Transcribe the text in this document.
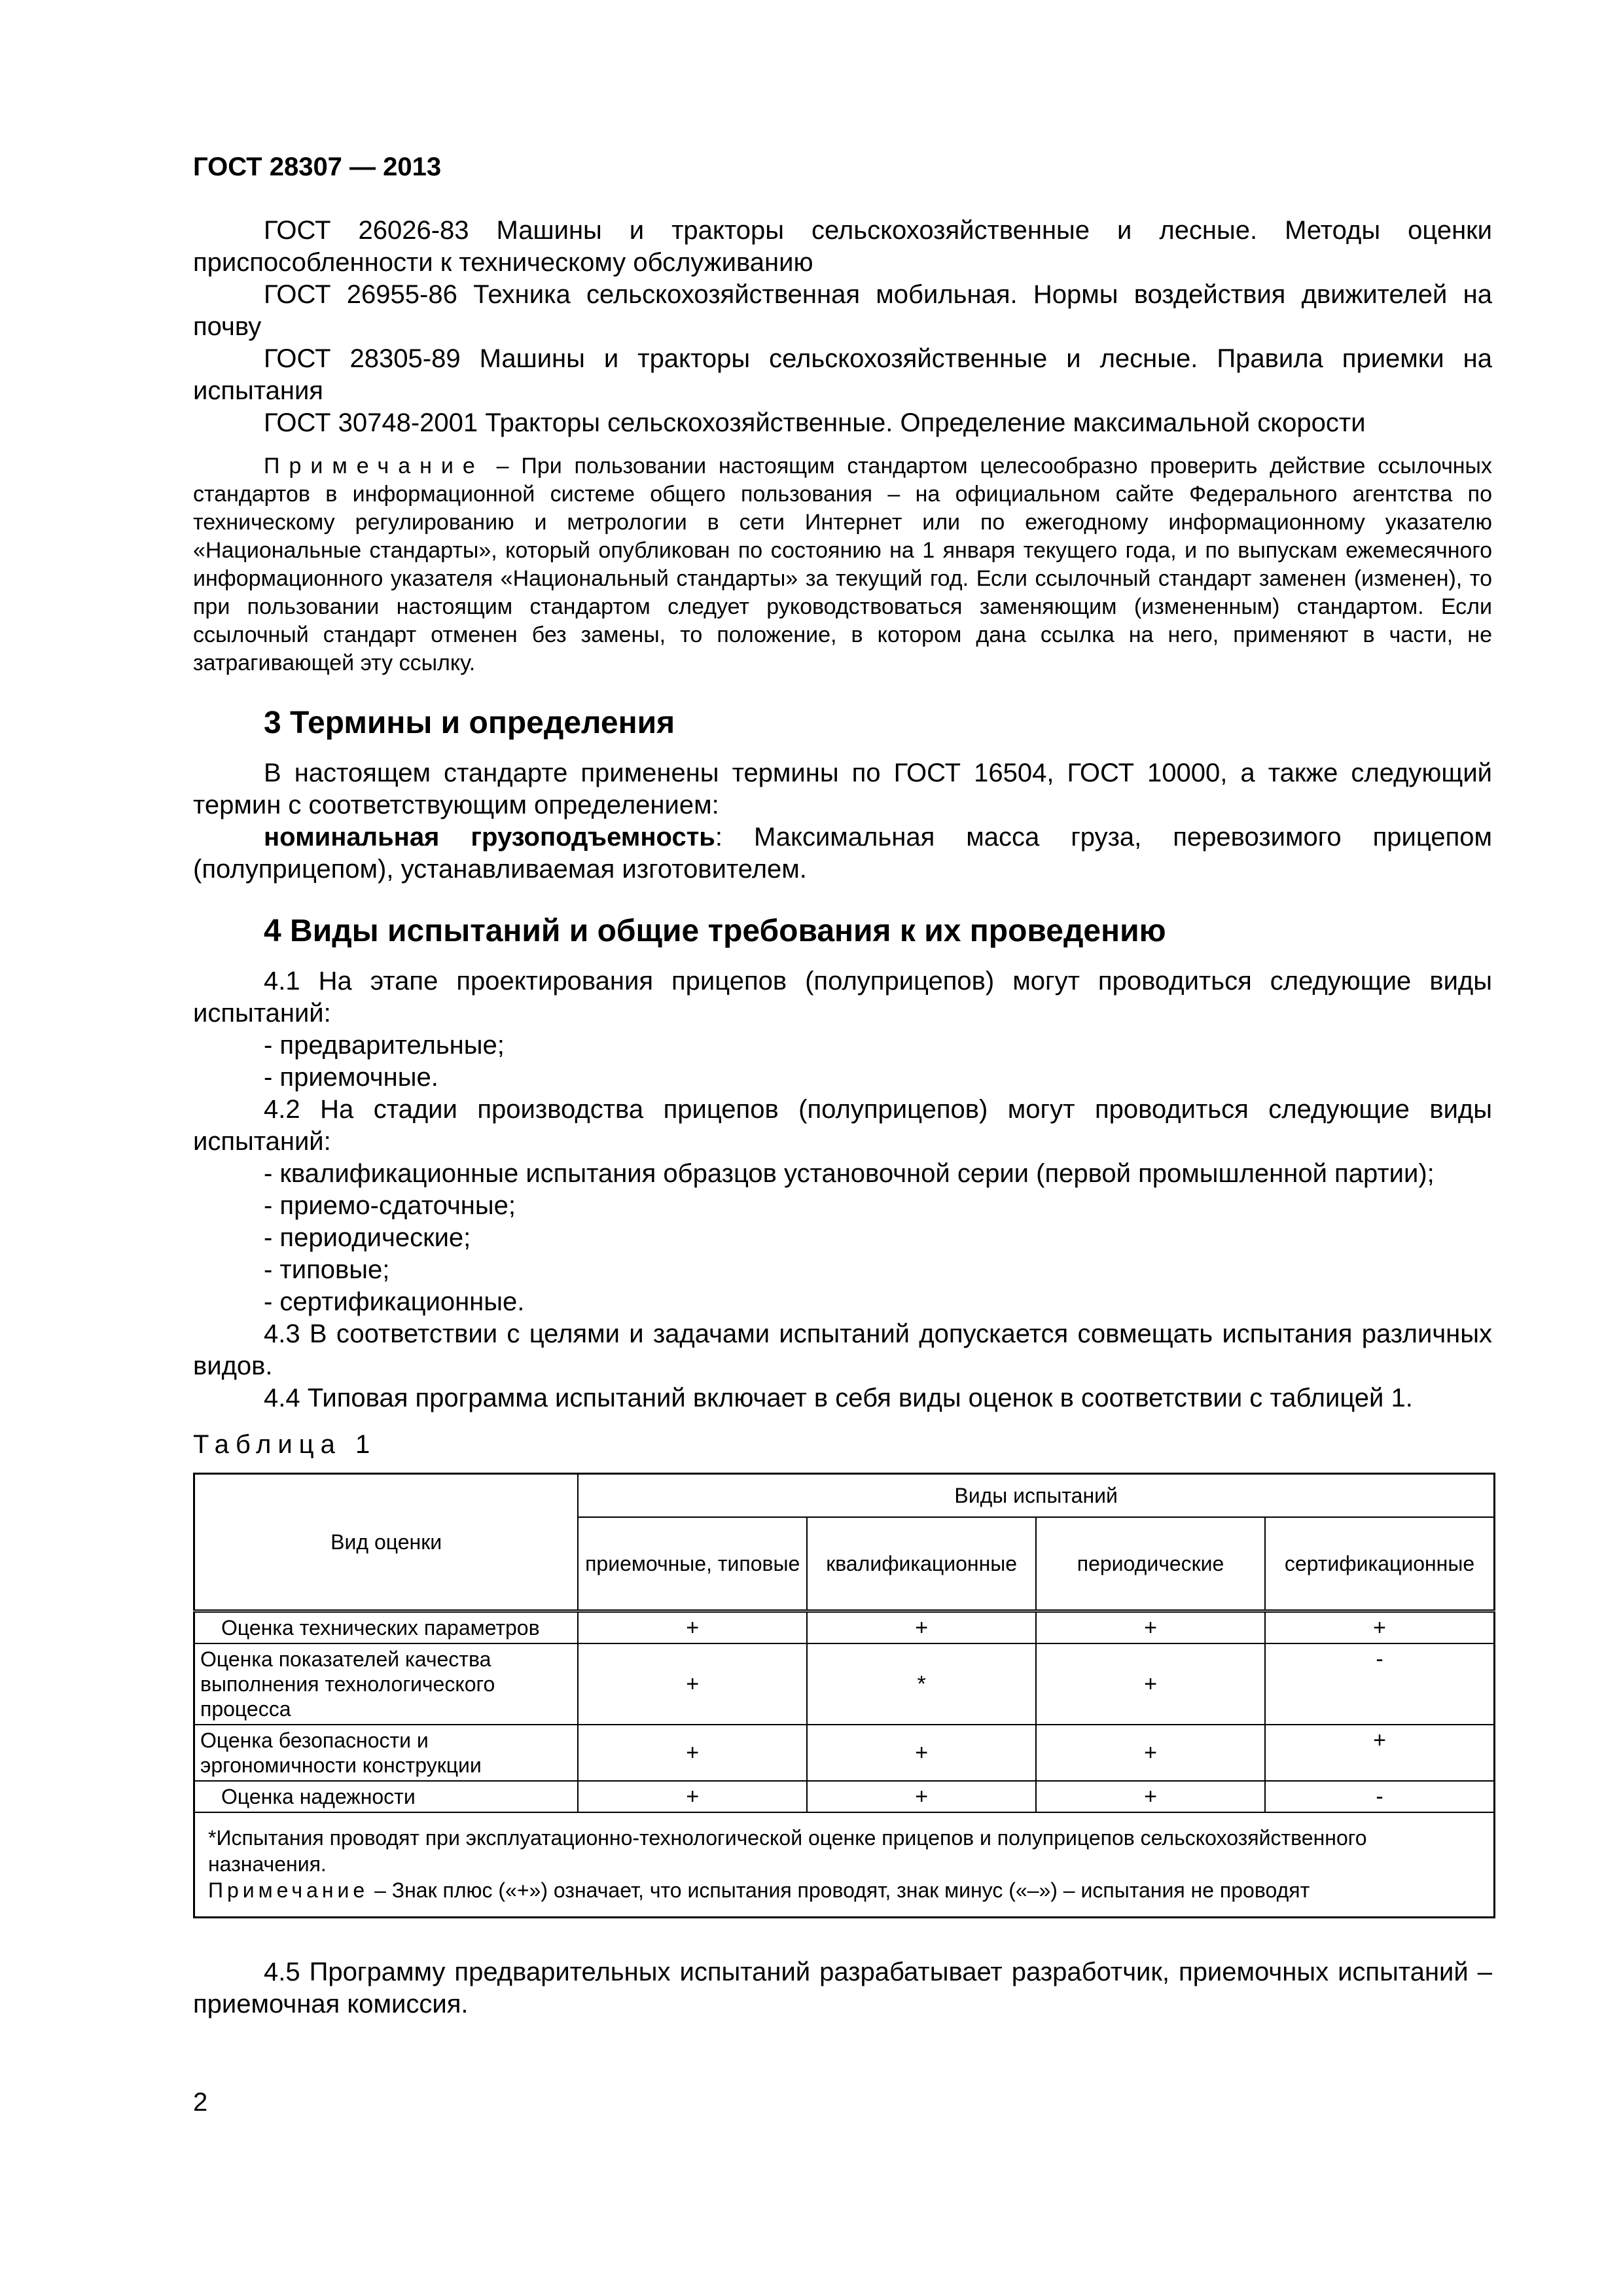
ГОСТ 28307 — 2013

ГОСТ 26026-83 Машины и тракторы сельскохозяйственные и лесные. Методы оценки приспособленности к техническому обслуживанию

ГОСТ 26955-86 Техника сельскохозяйственная мобильная. Нормы воздействия движителей на почву

ГОСТ 28305-89 Машины и тракторы сельскохозяйственные и лесные. Правила приемки на испытания

ГОСТ 30748-2001 Тракторы сельскохозяйственные. Определение максимальной скорости

Примечание – При пользовании настоящим стандартом целесообразно проверить действие ссылочных стандартов в информационной системе общего пользования – на официальном сайте Федерального агентства по техническому регулированию и метрологии в сети Интернет или по ежегодному информационному указателю «Национальные стандарты», который опубликован по состоянию на 1 января текущего года, и по выпускам ежемесячного информационного указателя «Национальный стандарты» за текущий год. Если ссылочный стандарт заменен (изменен), то при пользовании настоящим стандартом следует руководствоваться заменяющим (измененным) стандартом. Если ссылочный стандарт отменен без замены, то положение, в котором дана ссылка на него, применяют в части, не затрагивающей эту ссылку.

3 Термины и определения

В настоящем стандарте применены термины по ГОСТ 16504, ГОСТ 10000, а также следующий термин с соответствующим определением:

номинальная грузоподъемность: Максимальная масса груза, перевозимого прицепом (полуприцепом), устанавливаемая изготовителем.

4 Виды испытаний и общие требования к их проведению

4.1 На этапе проектирования прицепов (полуприцепов) могут проводиться следующие виды испытаний:

- предварительные;
- приемочные.

4.2 На стадии производства прицепов (полуприцепов) могут проводиться следующие виды испытаний:

- квалификационные испытания образцов установочной серии (первой промышленной партии);
- приемо-сдаточные;
- периодические;
- типовые;
- сертификационные.

4.3 В соответствии с целями и задачами испытаний допускается совмещать испытания различных видов.

4.4 Типовая программа испытаний включает в себя виды оценок в соответствии с таблицей 1.

Таблица 1
Вид оценки	Виды испытаний			
	приемочные, типовые	квалификационные	периодические	сертификационные
Оценка технических параметров	+	+	+	+
Оценка показателей качества выполнения технологического процесса	+	*	+	-
Оценка безопасности и эргономичности конструкции	+	+	+	+
Оценка надежности	+	+	+	-

*Испытания проводят при эксплуатационно-технологической оценке прицепов и полуприцепов сельскохозяйственного назначения.
Примечание – Знак плюс («+») означает, что испытания проводят, знак минус («–») – испытания не проводят				

4.5 Программу предварительных испытаний разрабатывает разработчик, приемочных испытаний – приемочная комиссия.

2
